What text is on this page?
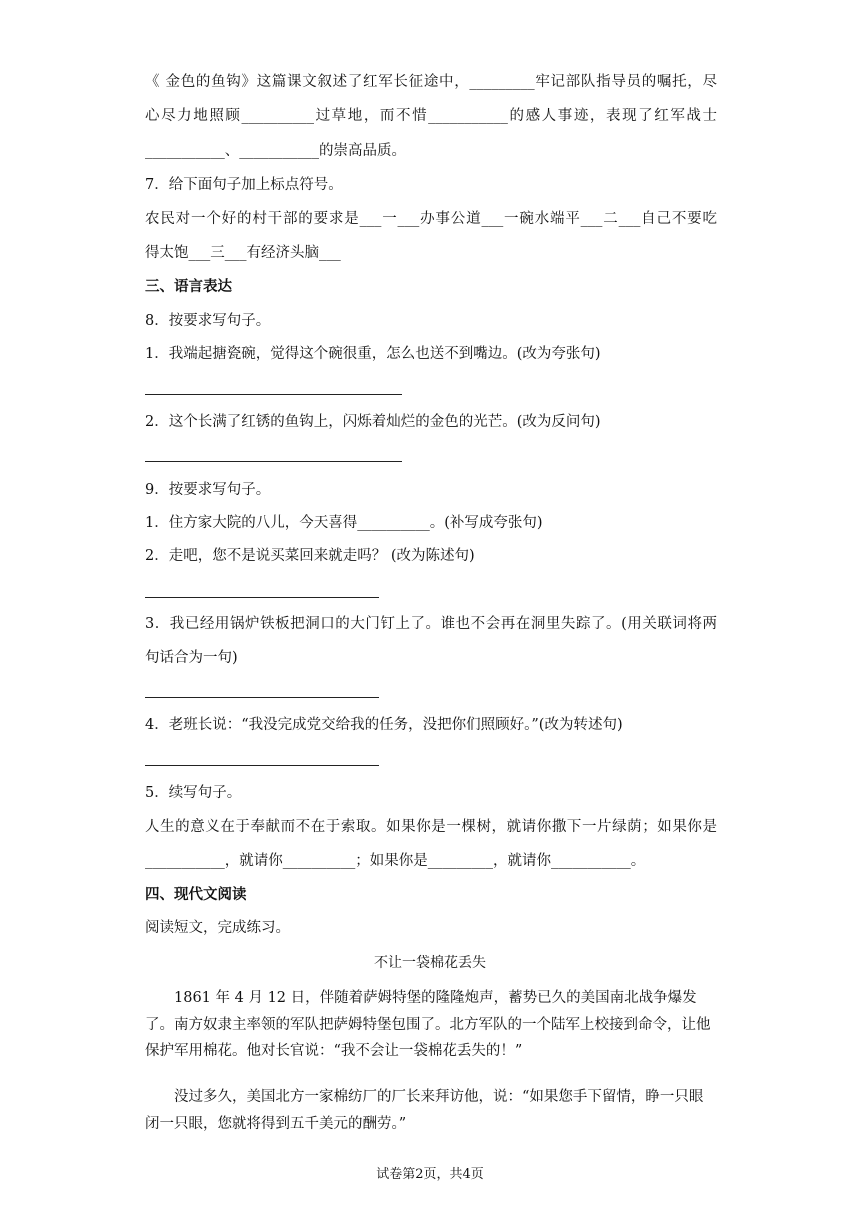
《 金色的鱼钩》这篇课文叙述了红军长征途中，_________牢记部队指导员的嘱托，尽
心尽力地照顾__________过草地，而不惜___________的感人事迹，表现了红军战士
___________、___________的崇高品质。
7．给下面句子加上标点符号。
农民对一个好的村干部的要求是___一___办事公道___一碗水端平___二___自己不要吃
得太饱___三___有经济头脑___
三、语言表达
8．按要求写句子。
1．我端起搪瓷碗，觉得这个碗很重，怎么也送不到嘴边。(改为夸张句)
2．这个长满了红锈的鱼钩上，闪烁着灿烂的金色的光芒。(改为反问句)
9．按要求写句子。
1．住方家大院的八儿，今天喜得__________。(补写成夸张句)
2．走吧，您不是说买菜回来就走吗？ (改为陈述句)
3．我已经用锅炉铁板把洞口的大门钉上了。谁也不会再在洞里失踪了。(用关联词将两
句话合为一句)
4．老班长说：“我没完成党交给我的任务，没把你们照顾好。”(改为转述句)
5．续写句子。
人生的意义在于奉献而不在于索取。如果你是一棵树，就请你撒下一片绿荫；如果你是
___________，就请你__________；如果你是_________，就请你___________。
四、现代文阅读
阅读短文，完成练习。
不让一袋棉花丢失
1861 年 4 月 12 日，伴随着萨姆特堡的隆隆炮声，蓄势已久的美国南北战争爆发了。南方奴隶主率领的军队把萨姆特堡包围了。北方军队的一个陆军上校接到命令，让他保护军用棉花。他对长官说：“我不会让一袋棉花丢失的！”
没过多久，美国北方一家棉纺厂的厂长来拜访他，说：“如果您手下留情，睁一只眼闭一只眼，您就将得到五千美元的酬劳。”
试卷第2页，共4页
